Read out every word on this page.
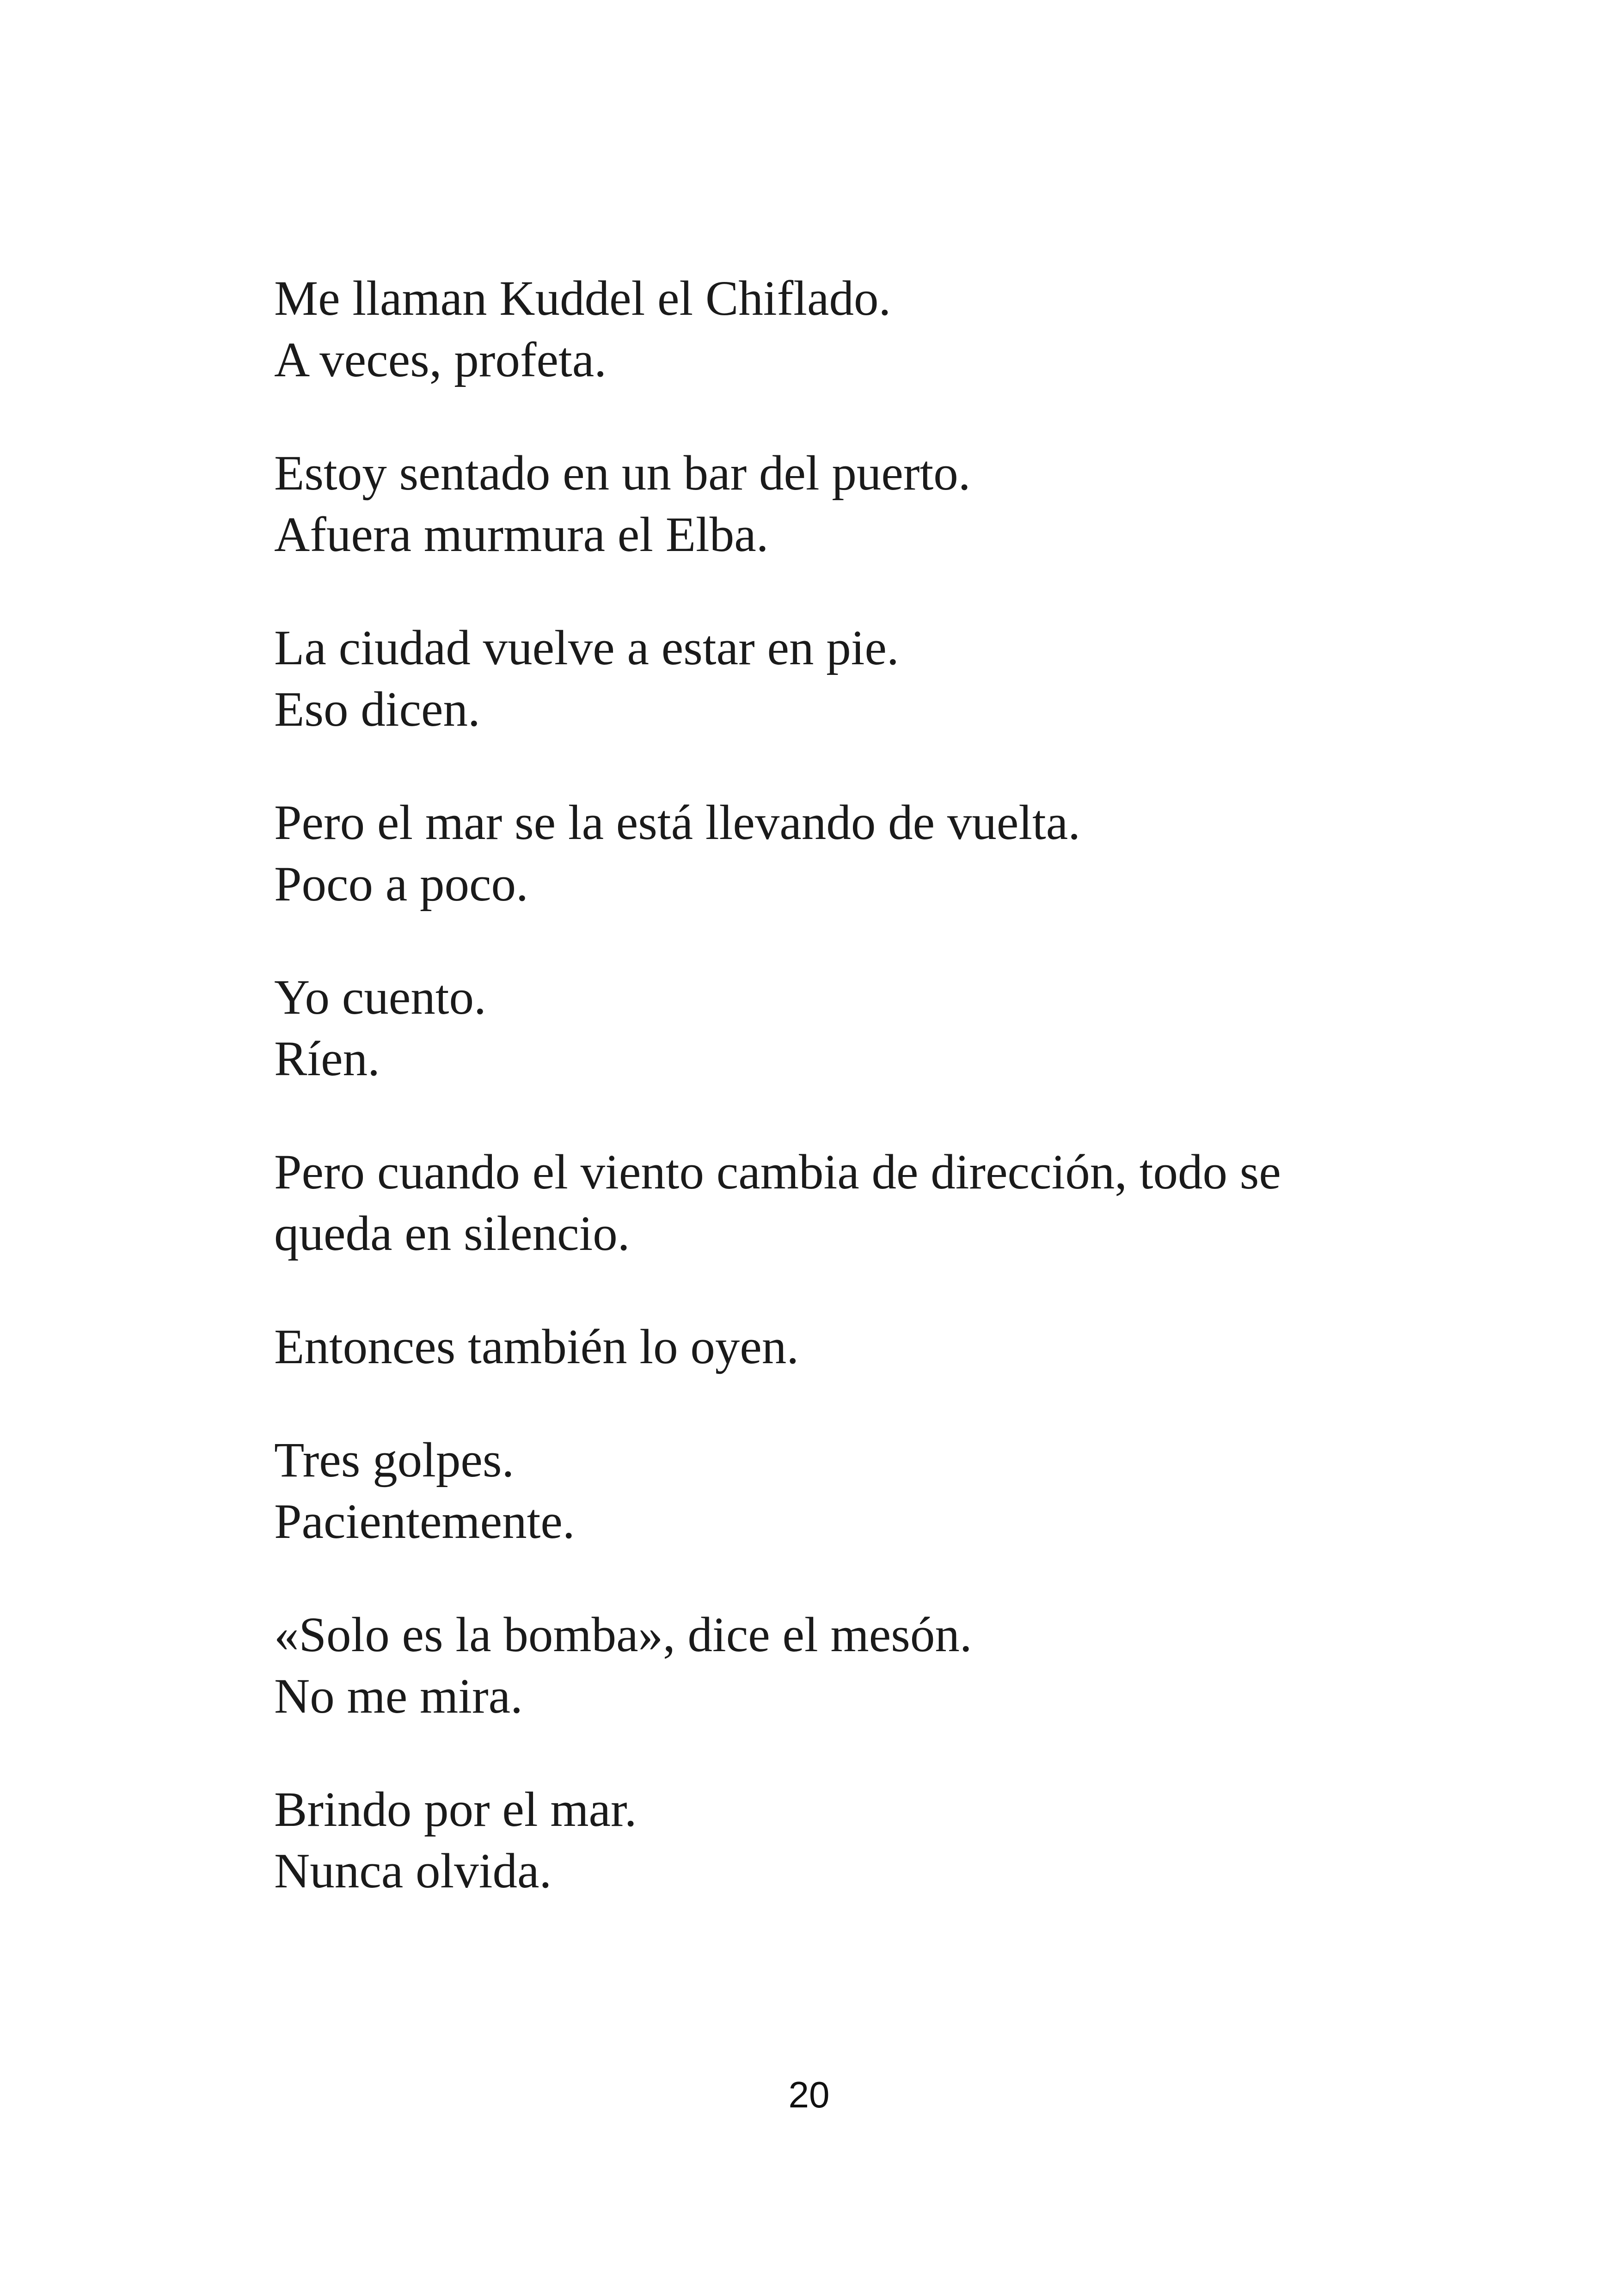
Me llaman Kuddel el Chiflado.
A veces, profeta.
Estoy sentado en un bar del puerto.
Afuera murmura el Elba.
La ciudad vuelve a estar en pie.
Eso dicen.
Pero el mar se la está llevando de vuelta.
Poco a poco.
Yo cuento.
Ríen.
Pero cuando el viento cambia de dirección, todo se
queda en silencio.
Entonces también lo oyen.
Tres golpes.
Pacientemente.
«Solo es la bomba», dice el mesón.
No me mira.
Brindo por el mar.
Nunca olvida.
20
